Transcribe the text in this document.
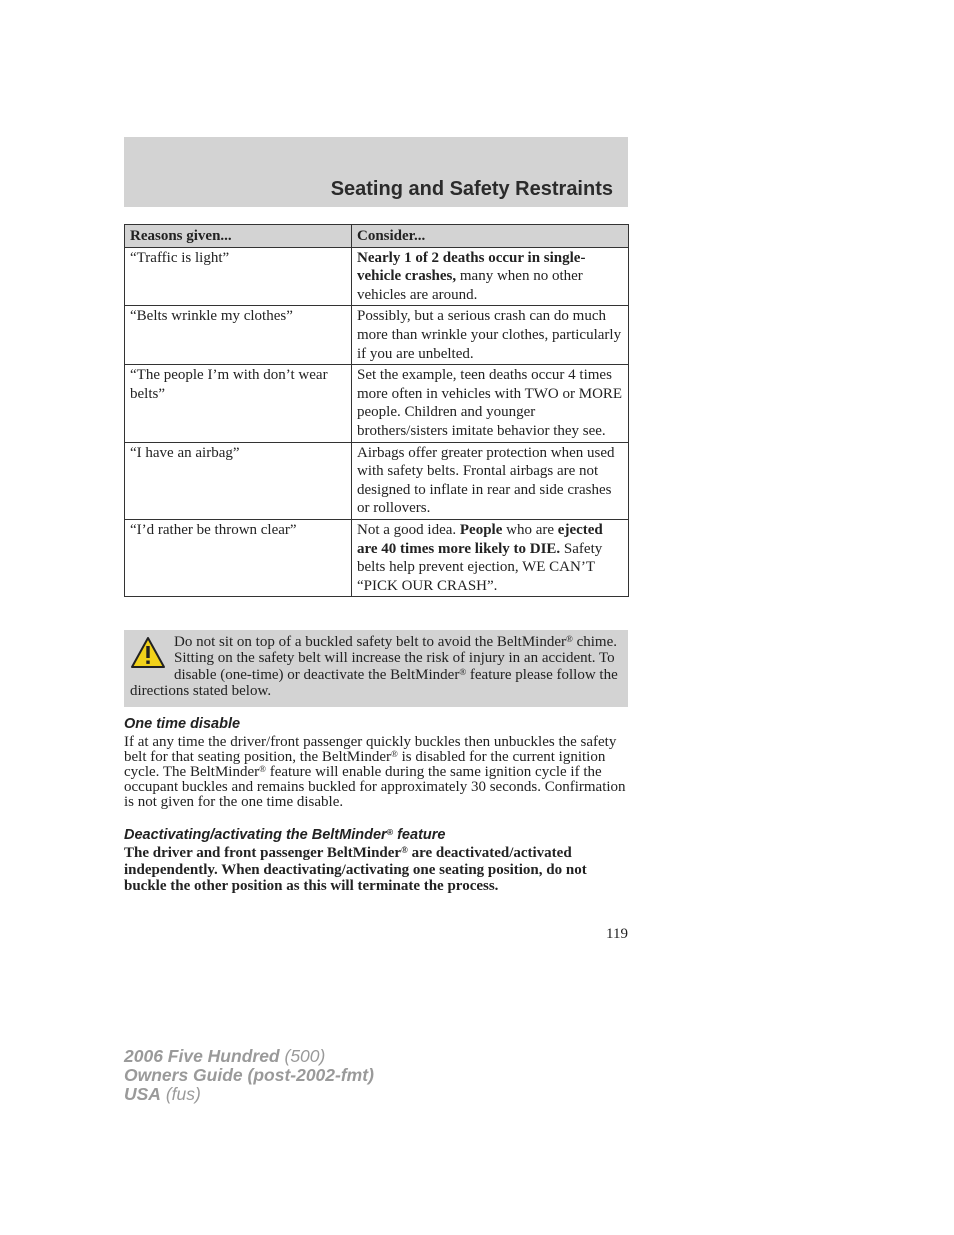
Seating and Safety Restraints
Reasons given...	Consider...
“Traffic is light”	Nearly 1 of 2 deaths occur in single-vehicle crashes, many when no other vehicles are around.
“Belts wrinkle my clothes”	Possibly, but a serious crash can do much more than wrinkle your clothes, particularly if you are unbelted.
“The people I’m with don’t wear belts”	Set the example, teen deaths occur 4 times more often in vehicles with TWO or MORE people. Children and younger brothers/sisters imitate behavior they see.
“I have an airbag”	Airbags offer greater protection when used with safety belts. Frontal airbags are not designed to inflate in rear and side crashes or rollovers.
“I’d rather be thrown clear”	Not a good idea. People who are ejected are 40 times more likely to DIE. Safety belts help prevent ejection, WE CAN’T “PICK OUR CRASH”.
Do not sit on top of a buckled safety belt to avoid the BeltMinder® chime. Sitting on the safety belt will increase the risk of injury in an accident. To disable (one-time) or deactivate the BeltMinder® feature please follow the directions stated below.
One time disable

If at any time the driver/front passenger quickly buckles then unbuckles the safety belt for that seating position, the BeltMinder® is disabled for the current ignition cycle. The BeltMinder® feature will enable during the same ignition cycle if the occupant buckles and remains buckled for approximately 30 seconds. Confirmation is not given for the one time disable.

Deactivating/activating the BeltMinder® feature

The driver and front passenger BeltMinder® are deactivated/activated independently. When deactivating/activating one seating position, do not buckle the other position as this will terminate the process.

119
2006 Five Hundred (500)
Owners Guide (post-2002-fmt)
USA (fus)
